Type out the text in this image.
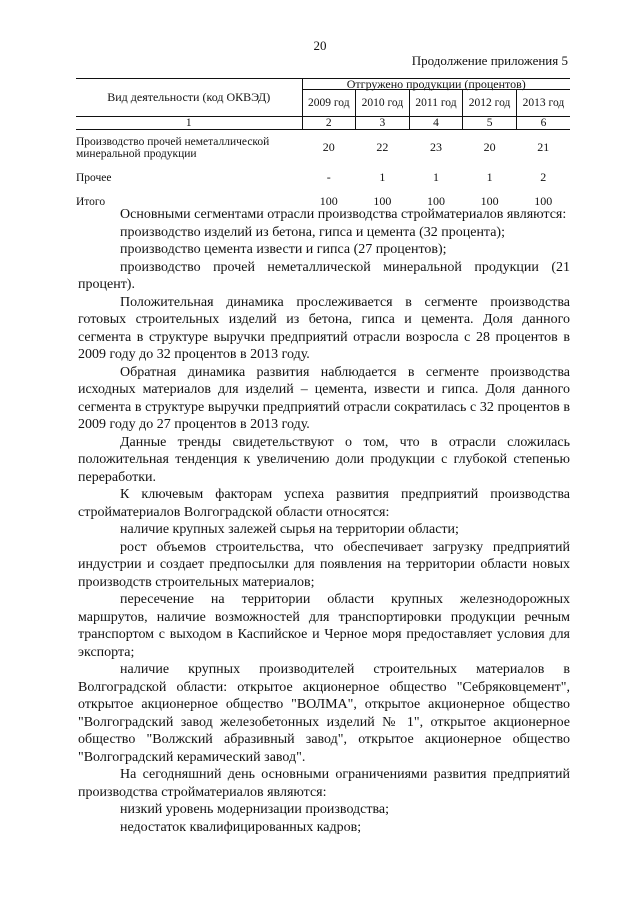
20
Продолжение приложения 5
Вид деятельности (код ОКВЭД)	Отгружено продукции (процентов)				
	2009 год	2010 год	2011 год	2012 год	2013 год
1	2	3	4	5	6
Производство прочей неметаллической минеральной продукции	20	22	23	20	21
Прочее	-	1	1	1	2
Итого	100	100	100	100	100

Основными сегментами отрасли производства стройматериалов являются:

производство изделий из бетона, гипса и цемента (32 процента);

производство цемента извести и гипса (27 процентов);

производство прочей неметаллической минеральной продукции (21 процент).

Положительная динамика прослеживается в сегменте производства готовых строительных изделий из бетона, гипса и цемента. Доля данного сегмента в структуре выручки предприятий отрасли возросла с 28 процентов в 2009 году до 32 процентов в 2013 году.

Обратная динамика развития наблюдается в сегменте производства исходных материалов для изделий – цемента, извести и гипса. Доля данного сегмента в структуре выручки предприятий отрасли сократилась с 32 процентов в 2009 году до 27 процентов в 2013 году.

Данные тренды свидетельствуют о том, что в отрасли сложилась положительная тенденция к увеличению доли продукции с глубокой степенью переработки.

К ключевым факторам успеха развития предприятий производства стройматериалов Волгоградской области относятся:

наличие крупных залежей сырья на территории области;

рост объемов строительства, что обеспечивает загрузку предприятий индустрии и создает предпосылки для появления на территории области новых производств строительных материалов;

пересечение на территории области крупных железнодорожных маршрутов, наличие возможностей для транспортировки продукции речным транспортом с выходом в Каспийское и Черное моря предоставляет условия для экспорта;

наличие крупных производителей строительных материалов в Волгоградской области: открытое акционерное общество "Себряковцемент", открытое акционерное общество "ВОЛМА", открытое акционерное общество "Волгоградский завод железобетонных изделий № 1", открытое акционерное общество "Волжский абразивный завод", открытое акционерное общество "Волгоградский керамический завод".

На сегодняшний день основными ограничениями развития предприятий производства стройматериалов являются:

низкий уровень модернизации производства;

недостаток квалифицированных кадров;
